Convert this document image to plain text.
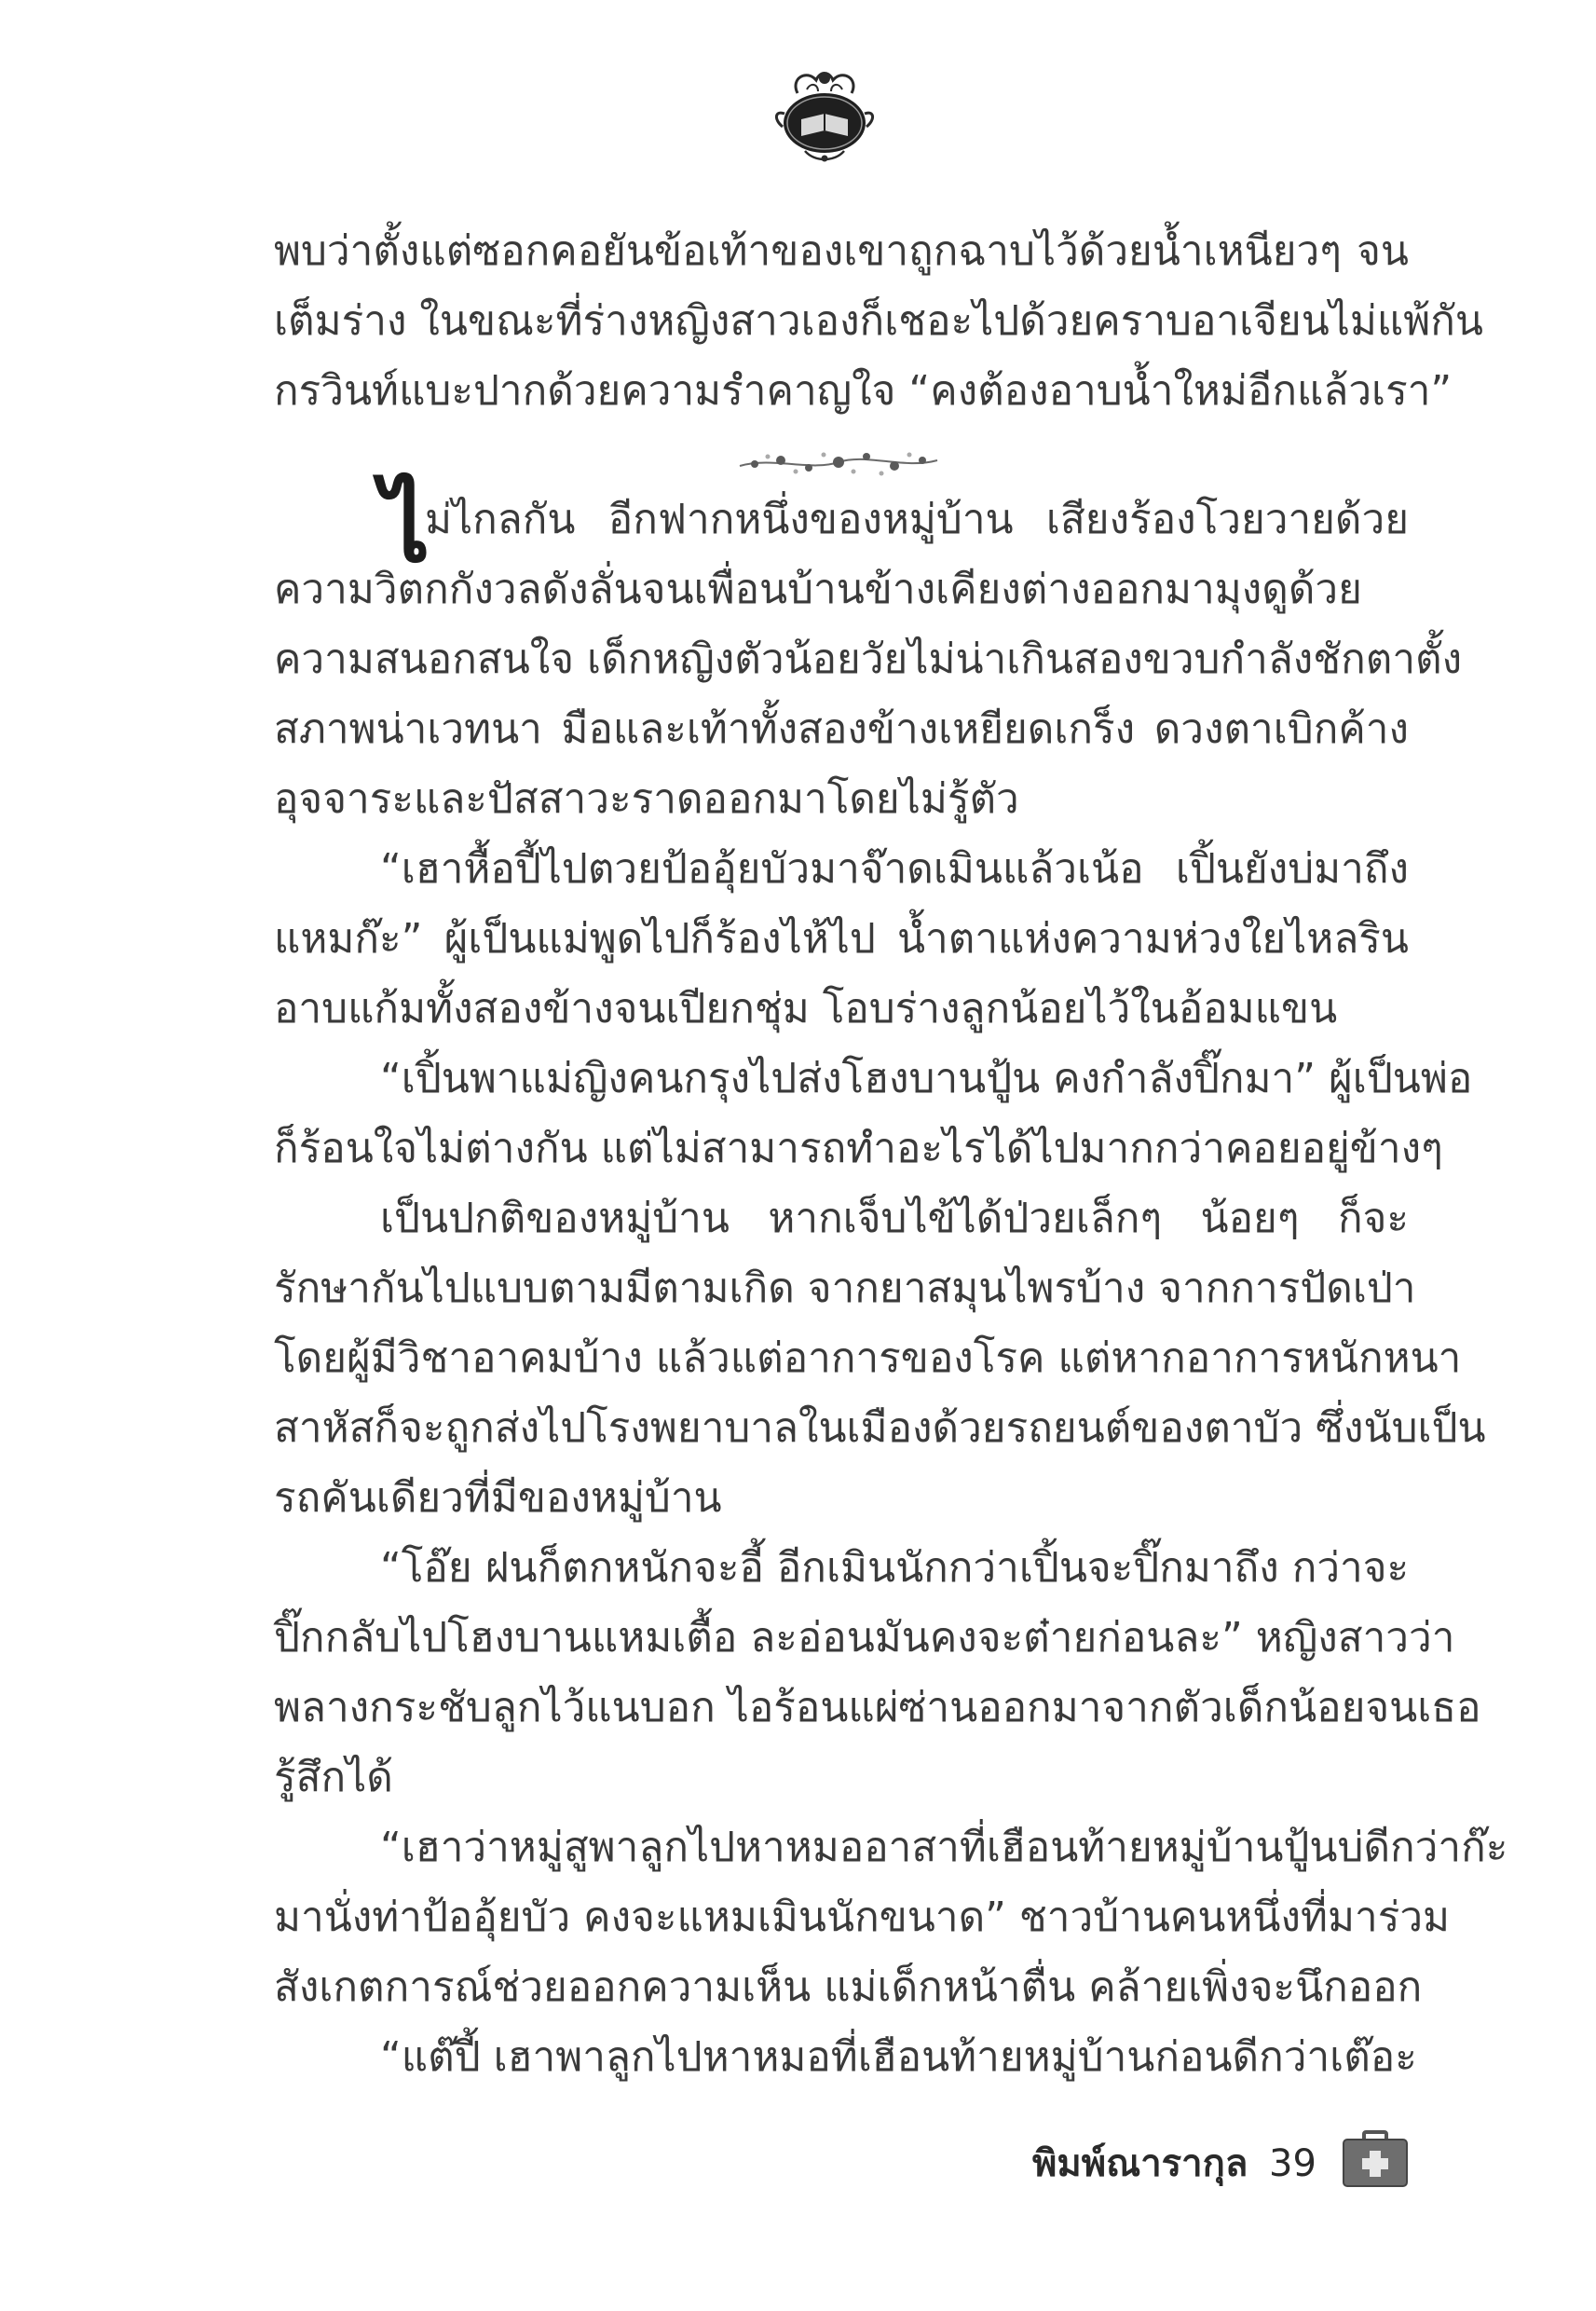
พบว่าตั้งแต่ซอกคอยันข้อเท้าของเขาถูกฉาบไว้ด้วยน้ำเหนียวๆ จน
เต็มร่าง ในขณะที่ร่างหญิงสาวเองก็เชอะไปด้วยคราบอาเจียนไม่แพ้กัน
กรวินท์แบะปากด้วยความรำคาญใจ “คงต้องอาบน้ำใหม่อีกแล้วเรา”
ไ
ม่ไกลกัน อีกฟากหนึ่งของหมู่บ้าน เสียงร้องโวยวายด้วย
ความวิตกกังวลดังลั่นจนเพื่อนบ้านข้างเคียงต่างออกมามุงดูด้วย
ความสนอกสนใจ เด็กหญิงตัวน้อยวัยไม่น่าเกินสองขวบกำลังชักตาตั้ง
สภาพน่าเวทนา มือและเท้าทั้งสองข้างเหยียดเกร็ง ดวงตาเบิกค้าง
อุจจาระและปัสสาวะราดออกมาโดยไม่รู้ตัว
“เฮาหื้อปี้ไปตวยป้ออุ้ยบัวมาจ๊าดเมินแล้วเน้อ เปิ้นยังบ่มาถึง
แหมก๊ะ” ผู้เป็นแม่พูดไปก็ร้องไห้ไป น้ำตาแห่งความห่วงใยไหลริน
อาบแก้มทั้งสองข้างจนเปียกชุ่ม โอบร่างลูกน้อยไว้ในอ้อมแขน
“เปิ้นพาแม่ญิงคนกรุงไปส่งโฮงบานปู้น คงกำลังปิ๊กมา” ผู้เป็นพ่อ
ก็ร้อนใจไม่ต่างกัน แต่ไม่สามารถทำอะไรได้ไปมากกว่าคอยอยู่ข้างๆ
เป็นปกติของหมู่บ้าน หากเจ็บไข้ได้ป่วยเล็กๆ น้อยๆ ก็จะ
รักษากันไปแบบตามมีตามเกิด จากยาสมุนไพรบ้าง จากการปัดเป่า
โดยผู้มีวิชาอาคมบ้าง แล้วแต่อาการของโรค แต่หากอาการหนักหนา
สาหัสก็จะถูกส่งไปโรงพยาบาลในเมืองด้วยรถยนต์ของตาบัว ซึ่งนับเป็น
รถคันเดียวที่มีของหมู่บ้าน
“โอ๊ย ฝนก็ตกหนักจะอี้ อีกเมินนักกว่าเปิ้นจะปิ๊กมาถึง กว่าจะ
ปิ๊กกลับไปโฮงบานแหมเตื้อ ละอ่อนมันคงจะต๋ายก่อนละ” หญิงสาวว่า
พลางกระชับลูกไว้แนบอก ไอร้อนแผ่ซ่านออกมาจากตัวเด็กน้อยจนเธอ
รู้สึกได้
“เฮาว่าหมู่สูพาลูกไปหาหมออาสาที่เฮือนท้ายหมู่บ้านปู้นบ่ดีกว่าก๊ะ
มานั่งท่าป้ออุ้ยบัว คงจะแหมเมินนักขนาด” ชาวบ้านคนหนึ่งที่มาร่วม
สังเกตการณ์ช่วยออกความเห็น แม่เด็กหน้าตื่น คล้ายเพิ่งจะนึกออก
“แต๊ปี้ เฮาพาลูกไปหาหมอที่เฮือนท้ายหมู่บ้านก่อนดีกว่าเต๊อะ
พิมพ์ณารากุล 39
